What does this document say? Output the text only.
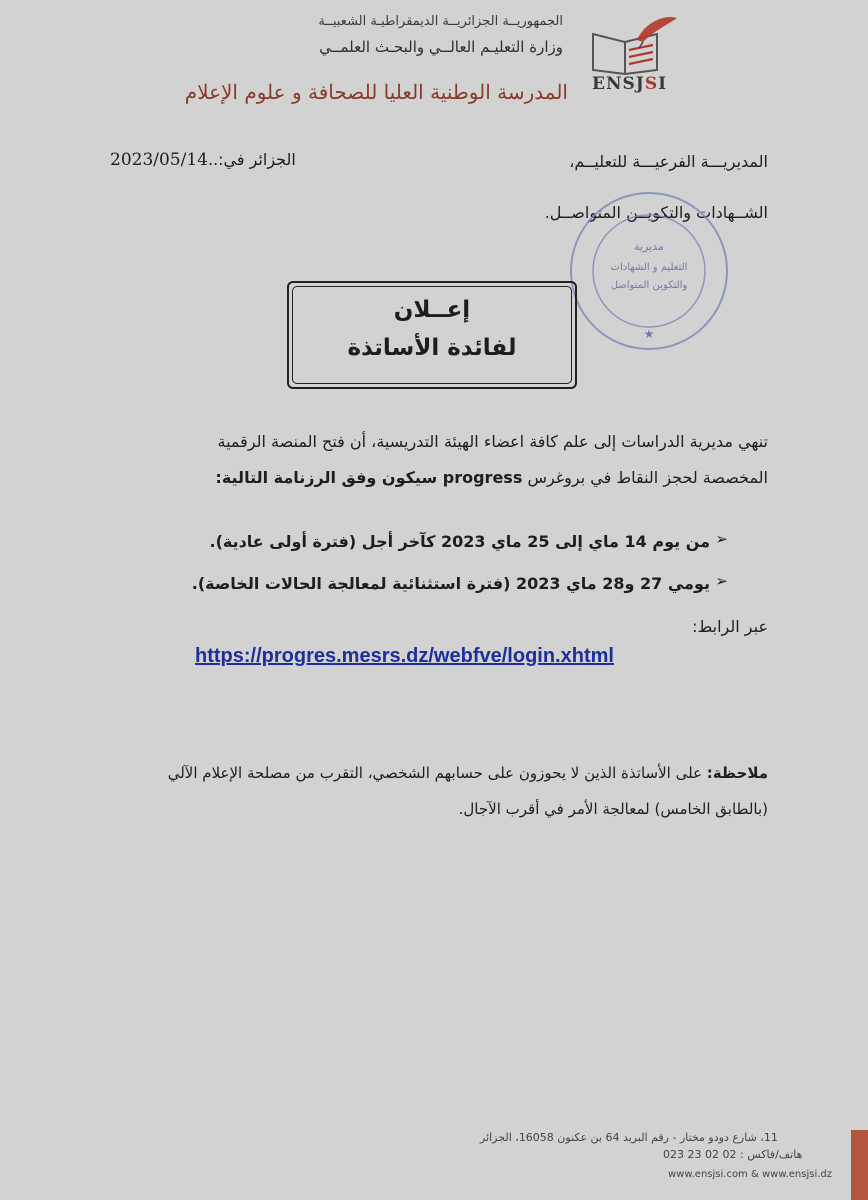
الجمهوريــة الجزائريــة الديمقراطيـة الشعبيــة
وزارة التعليـم العالــي والبحـث العلمــي
المدرسة الوطنية العليا للصحافة و علوم الإعلام ENSJSI
الجزائر في:..2023/05/14	المديريـــة الفرعيـــة للتعليــم،
الشــهادات والتكويــن المتواصــل.
مديرية
التعليم و الشهادات
والتكوين المتواصل
★
إعــلان
لفائدة الأساتذة
تنهي مديرية الدراسات إلى علم كافة اعضاء الهيئة التدريسية، أن فتح المنصة الرقمية
المخصصة لحجز النقاط في بروغرس progress سيكون وفق الرزنامة التالية:
➢
من يوم 14 ماي إلى 25 ماي 2023 كآخر أجل (فترة أولى عادية).
➢
يومي 27 و28 ماي 2023 (فترة استثنائية لمعالجة الحالات الخاصة).
عبر الرابط:
https://progres.mesrs.dz/webfve/login.xhtml
ملاحظة: على الأساتذة الذين لا يحوزون على حسابهم الشخصي، التقرب من مصلحة الإعلام الآلي
(بالطابق الخامس) لمعالجة الأمر في أقرب الآجال.
11، شارع دودو مختار - رقم البريد 64 بن عكنون 16058، الجزائر
هاتف/فاكس : 02 02 23 023
www.ensjsi.com & www.ensjsi.dz
